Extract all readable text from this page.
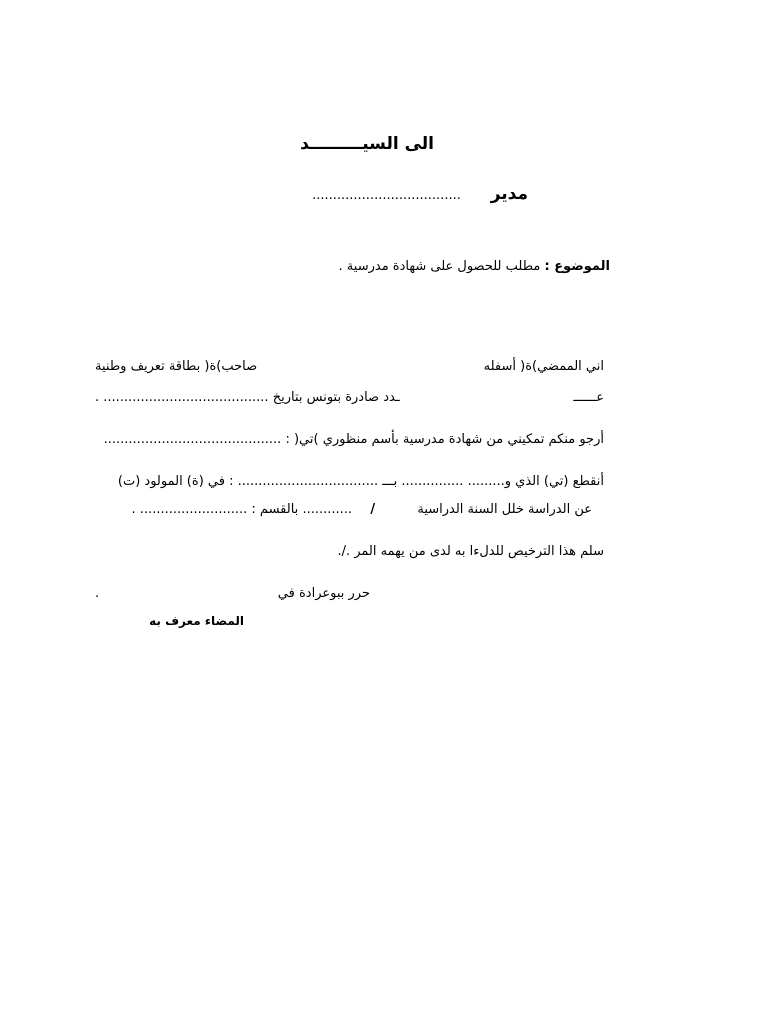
الى السيـــــــــد
مدير  ....................................
الموضوع : مطلب للحصول على شهادة مدرسية .
اني الممضي)ة( أسفله
صاحب)ة( بطاقة تعريف وطنية
عــــــ
ـدد صادرة بتونس بتاريخ ........................................ .
أرجو منكم تمكيني من شهادة مدرسية بأسم منظوري )تي( : ...........................................
أنقطع (تي) الذي و......... ............... بـــ .................................. : في (ة) المولود (ت)
عن الدراسة خلل السنة الدراسية  /  ............ بالقسم : .......................... .
سلم هذا الترخيص للدلءا به لدى من يهمه المر ./.
حرر ببوعرادة في
.
المضاء معرف به
